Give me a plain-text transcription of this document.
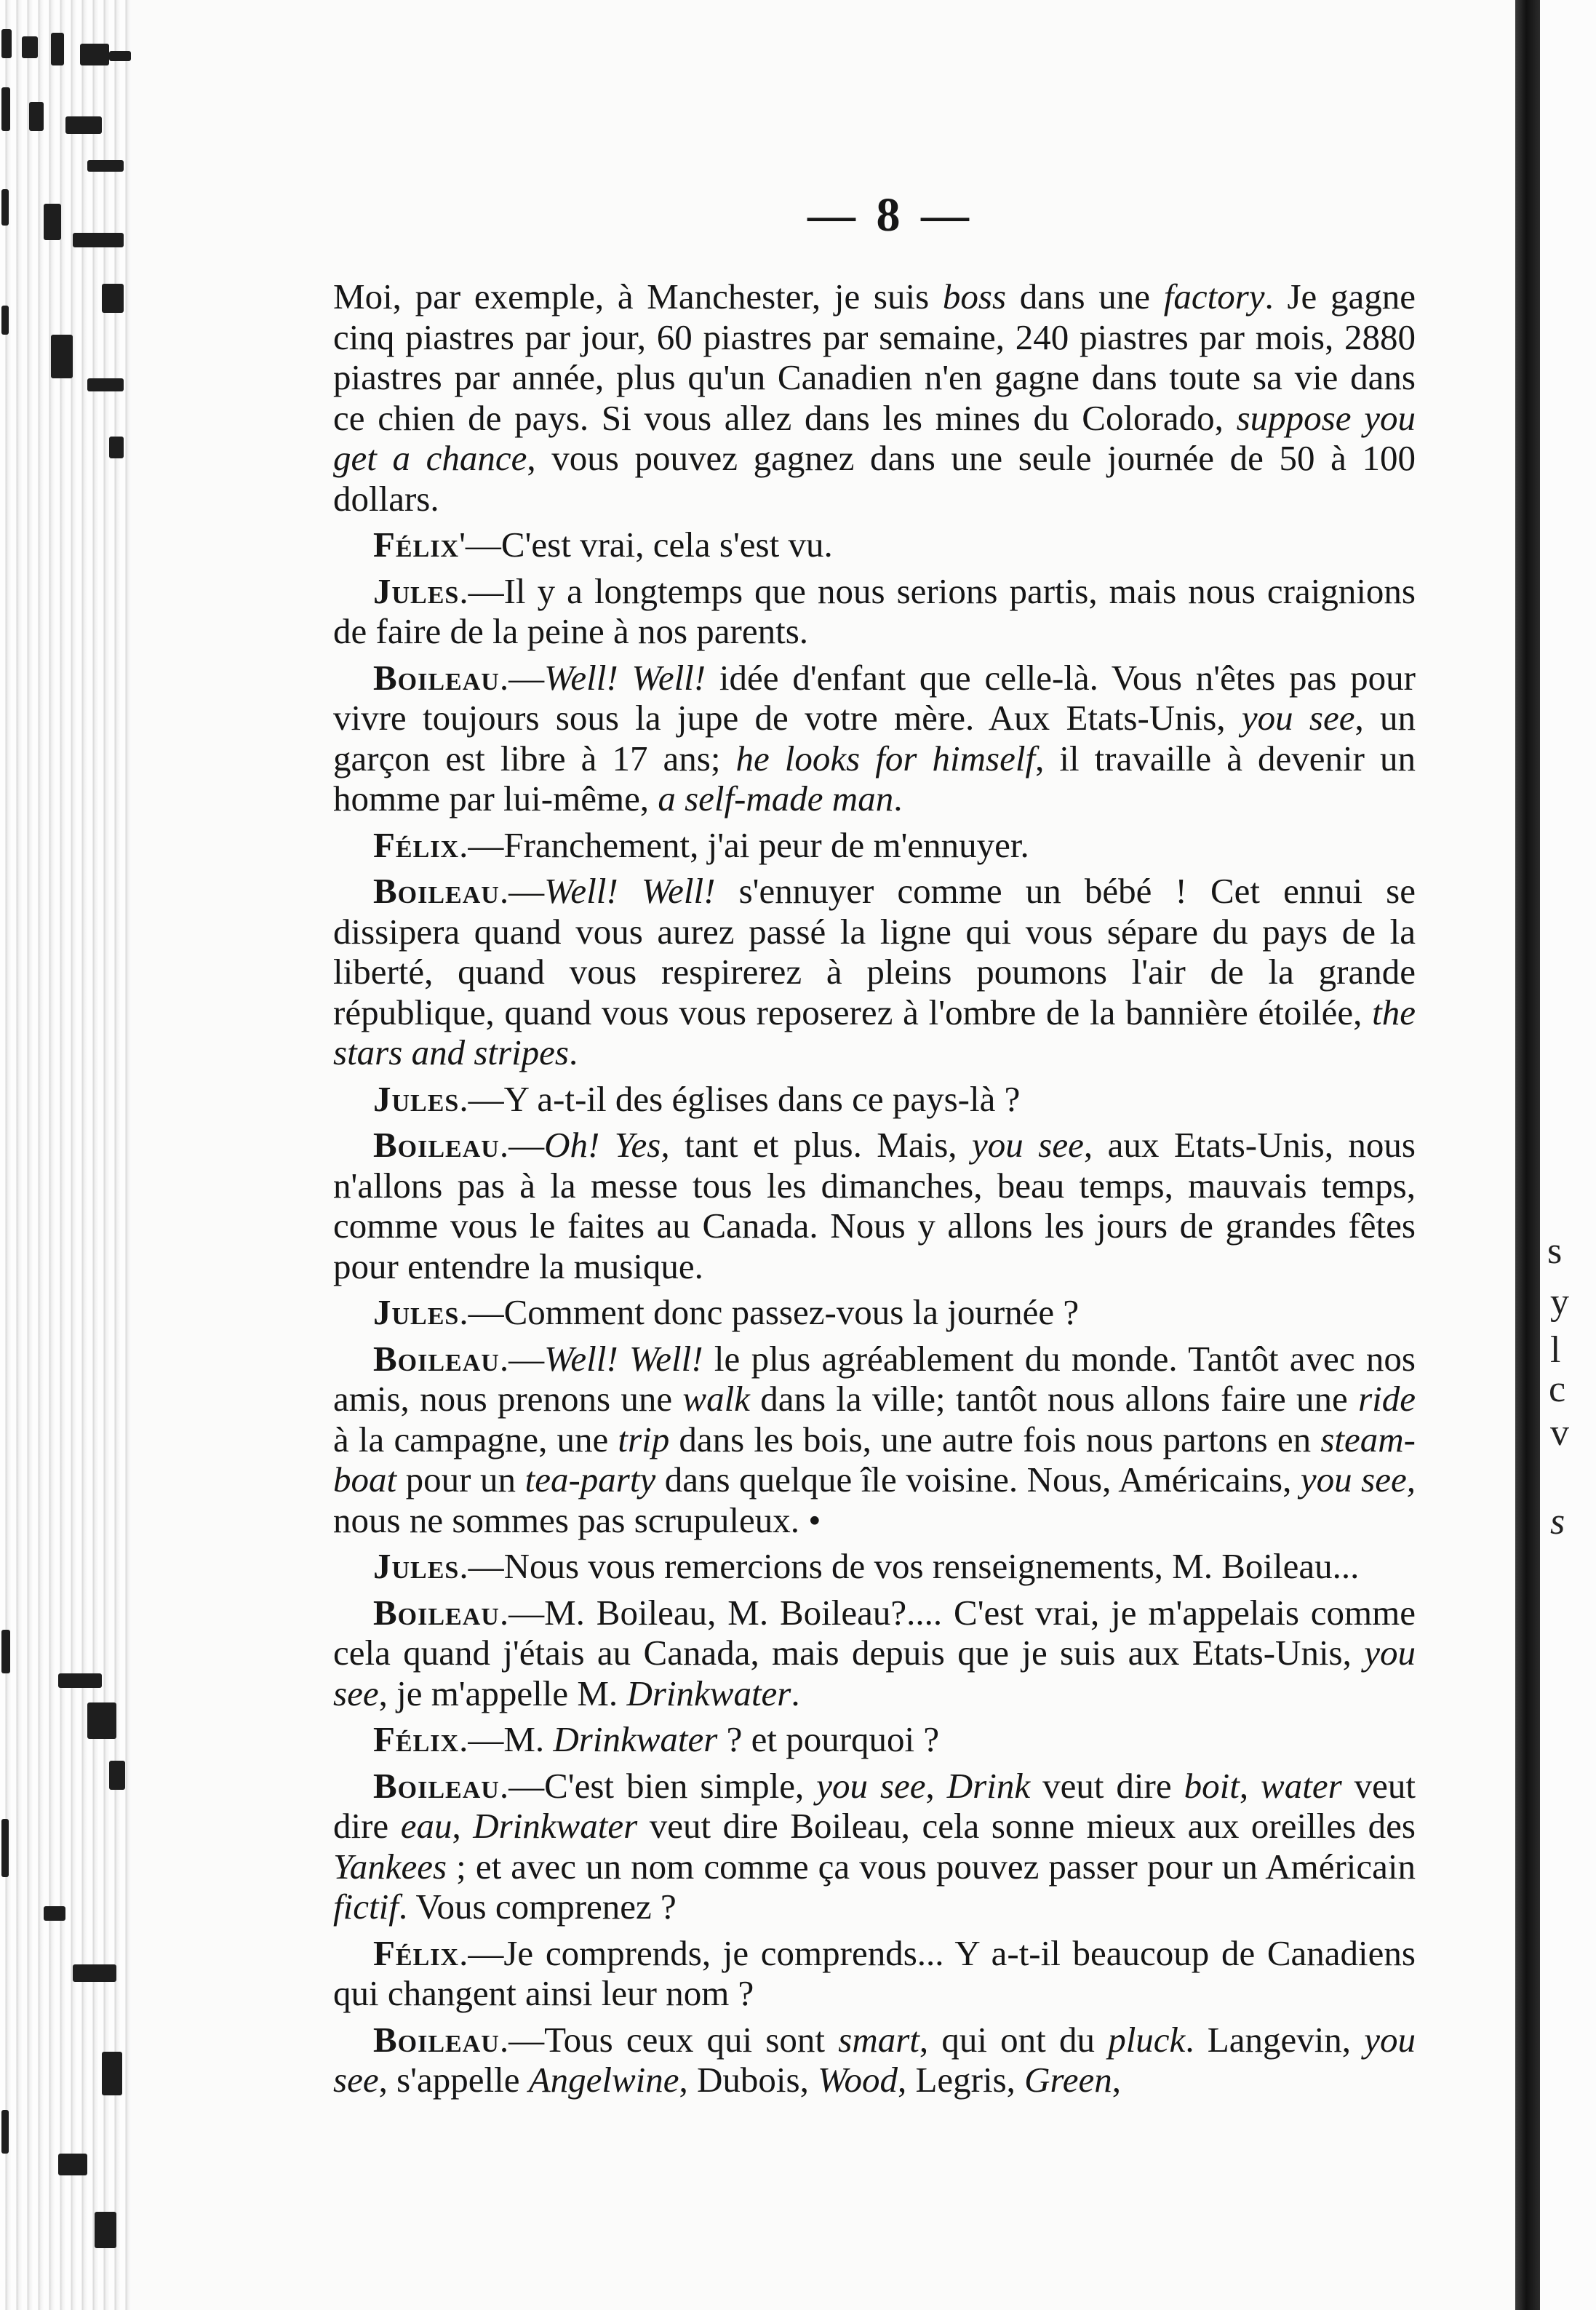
— 8 —

Moi, par exemple, à Manchester, je suis boss dans une factory. Je gagne cinq piastres par jour, 60 piastres par semaine, 240 piastres par mois, 2880 piastres par année, plus qu'un Canadien n'en gagne dans toute sa vie dans ce chien de pays. Si vous allez dans les mines du Colorado, suppose you get a chance, vous pouvez gagnez dans une seule journée de 50 à 100 dollars.

Félix'—C'est vrai, cela s'est vu.

Jules.—Il y a longtemps que nous serions partis, mais nous craignions de faire de la peine à nos parents.

Boileau.—Well! Well! idée d'enfant que celle-là. Vous n'êtes pas pour vivre toujours sous la jupe de votre mère. Aux Etats-Unis, you see, un garçon est libre à 17 ans; he looks for himself, il travaille à devenir un homme par lui-même, a self-made man.

Félix.—Franchement, j'ai peur de m'ennuyer.

Boileau.—Well! Well! s'ennuyer comme un bébé ! Cet ennui se dissipera quand vous aurez passé la ligne qui vous sépare du pays de la liberté, quand vous respirerez à pleins poumons l'air de la grande république, quand vous vous reposerez à l'ombre de la bannière étoilée, the stars and stripes.

Jules.—Y a-t-il des églises dans ce pays-là ?

Boileau.—Oh! Yes, tant et plus. Mais, you see, aux Etats-Unis, nous n'allons pas à la messe tous les dimanches, beau temps, mauvais temps, comme vous le faites au Canada. Nous y allons les jours de grandes fêtes pour entendre la musique.

Jules.—Comment donc passez-vous la journée ?

Boileau.—Well! Well! le plus agréablement du monde. Tantôt avec nos amis, nous prenons une walk dans la ville; tantôt nous allons faire une ride à la campagne, une trip dans les bois, une autre fois nous partons en steam-boat pour un tea-party dans quelque île voisine. Nous, Américains, you see, nous ne sommes pas scrupuleux. •

Jules.—Nous vous remercions de vos renseignements, M. Boileau...

Boileau.—M. Boileau, M. Boileau?.... C'est vrai, je m'appelais comme cela quand j'étais au Canada, mais depuis que je suis aux Etats-Unis, you see, je m'appelle M. Drinkwater.

Félix.—M. Drinkwater ? et pourquoi ?

Boileau.—C'est bien simple, you see, Drink veut dire boit, water veut dire eau, Drinkwater veut dire Boileau, cela sonne mieux aux oreilles des Yankees ; et avec un nom comme ça vous pouvez passer pour un Américain fictif. Vous comprenez ?

Félix.—Je comprends, je comprends... Y a-t-il beaucoup de Canadiens qui changent ainsi leur nom ?

Boileau.—Tous ceux qui sont smart, qui ont du pluck. Langevin, you see, s'appelle Angelwine, Dubois, Wood, Legris, Green,

s
y
l
c
v
s
